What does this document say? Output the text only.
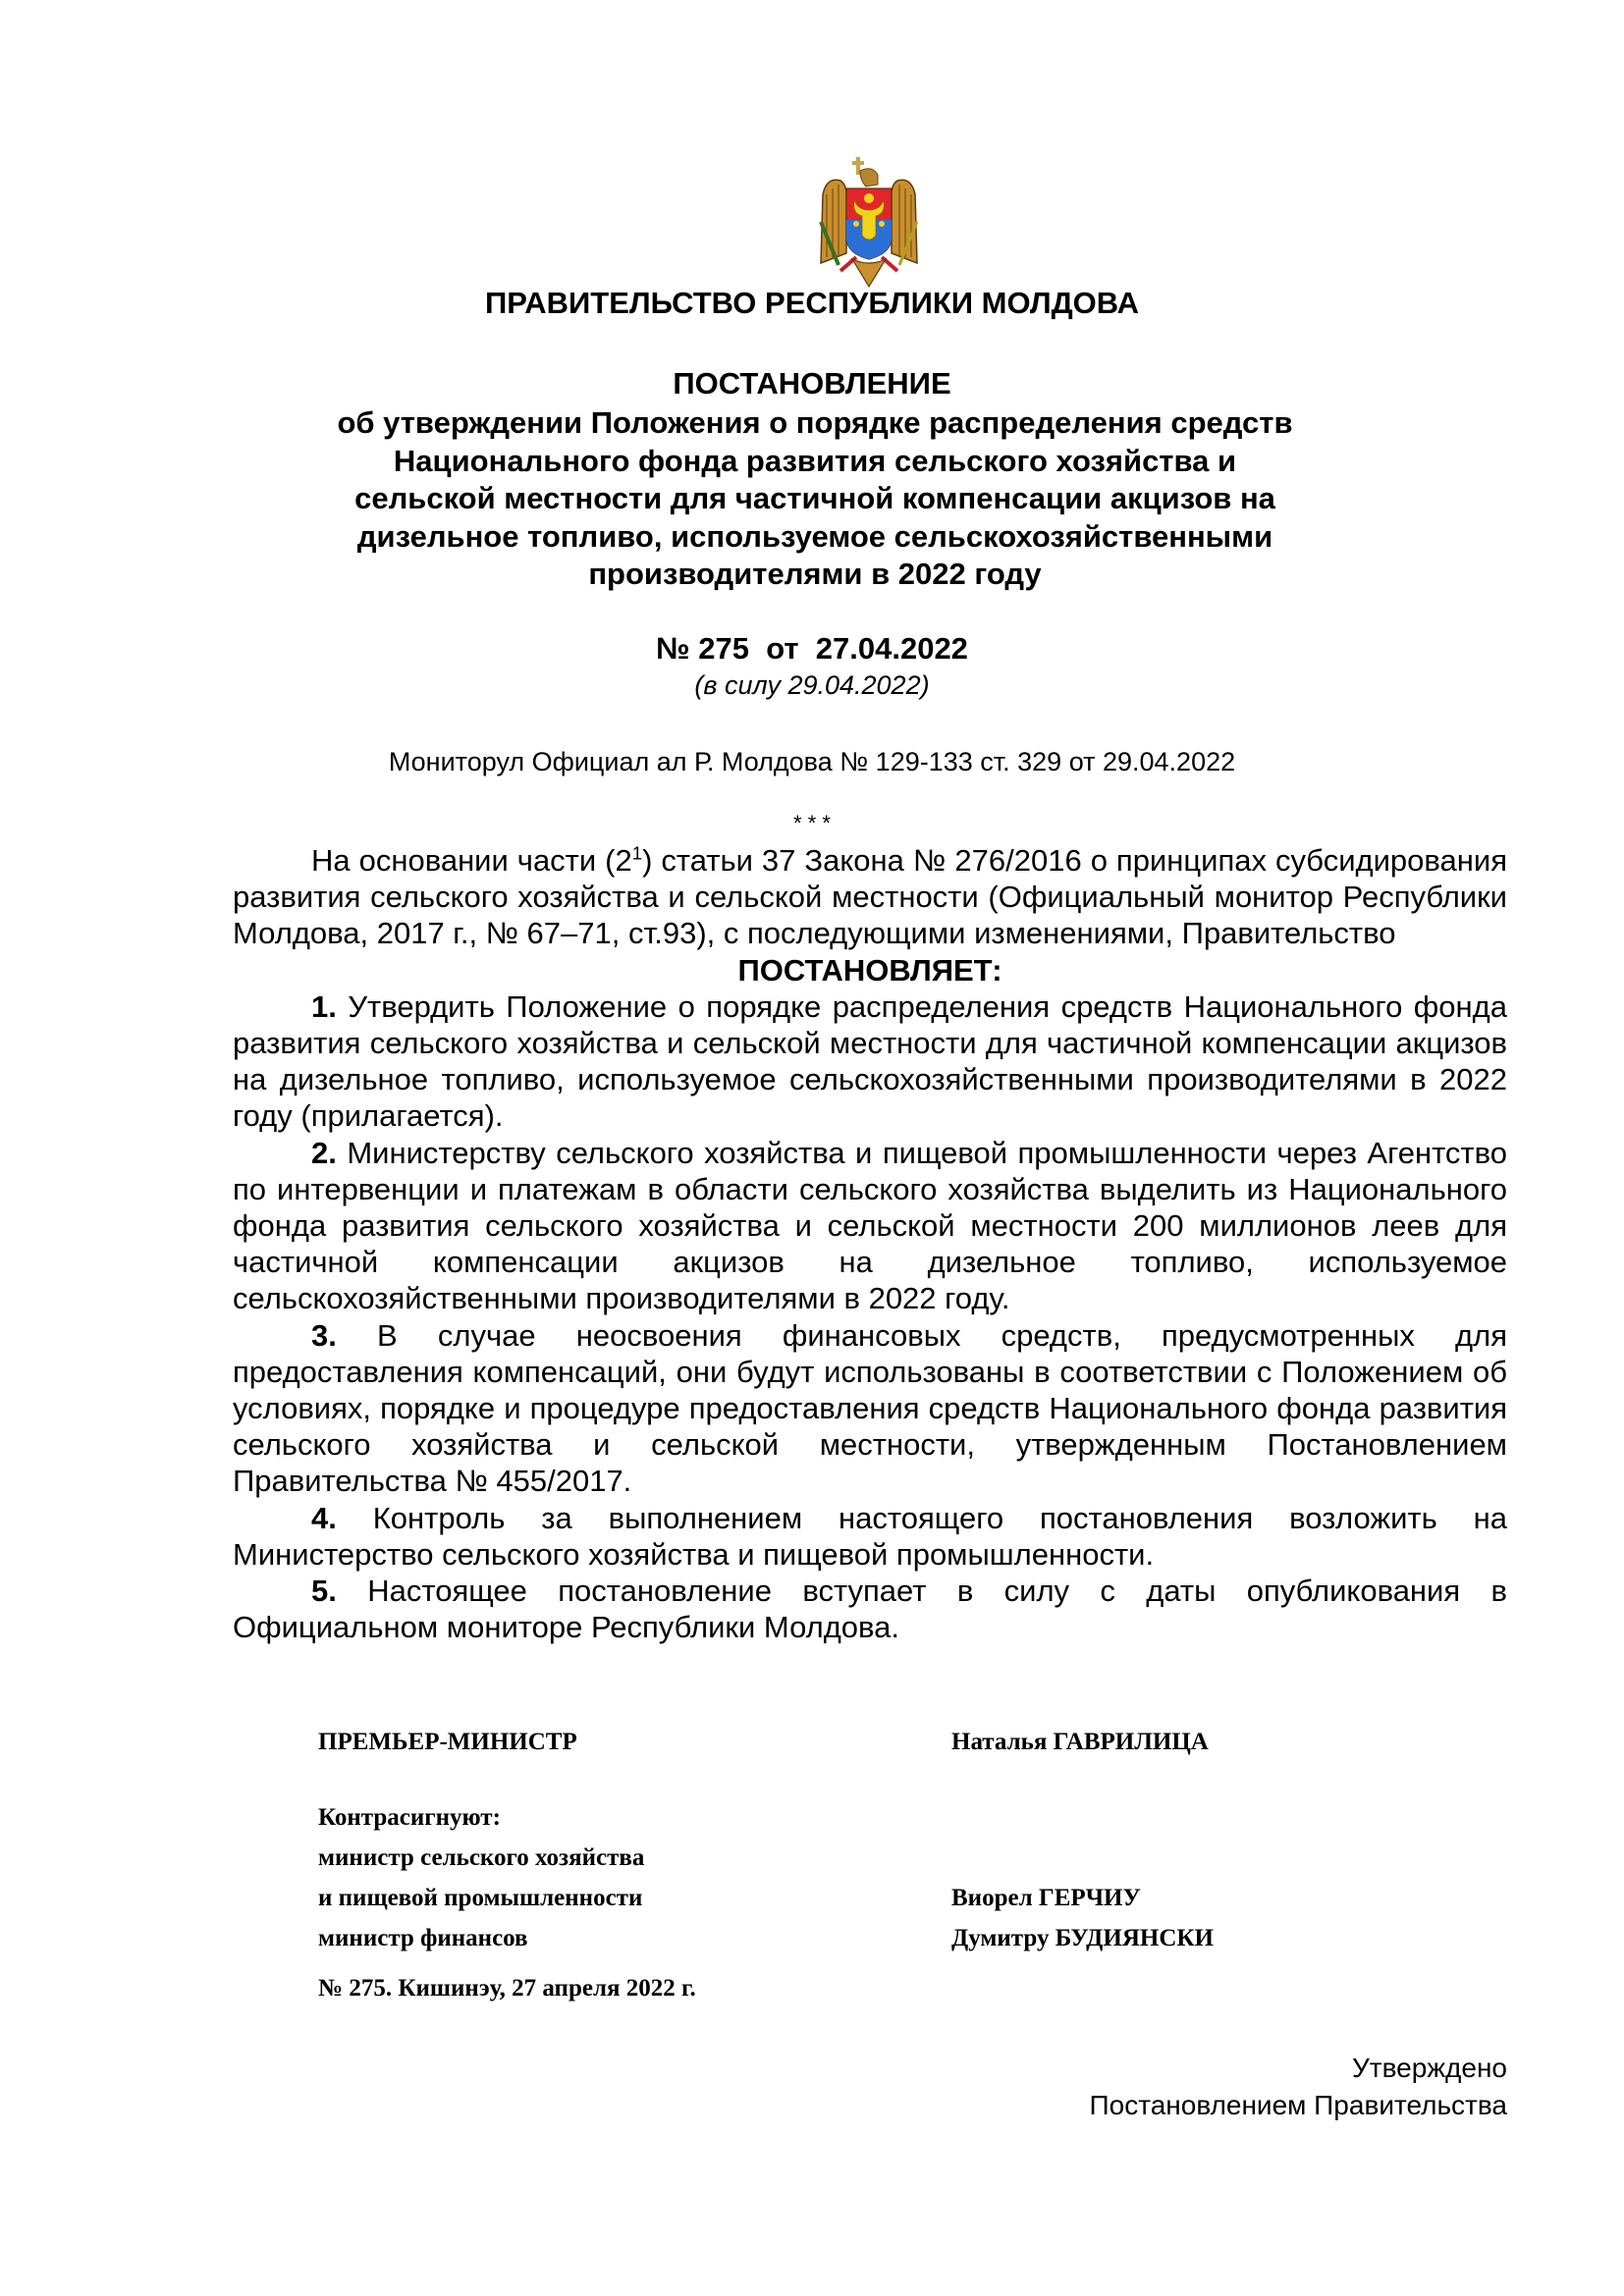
ПРАВИТЕЛЬСТВО РЕСПУБЛИКИ МОЛДОВА
ПОСТАНОВЛЕНИЕ
об утверждении Положения о порядке распределения средств Национального фонда развития сельского хозяйства и сельской местности для частичной компенсации акцизов на дизельное топливо, используемое сельскохозяйственными производителями в 2022 году
№ 275  от  27.04.2022
(в силу 29.04.2022)
Мониторул Официал ал Р. Молдова № 129-133 ст. 329 от 29.04.2022
* * *

На основании части $(2^1)$ статьи 37 Закона № 276/2016 о принципах субсидирования развития сельского хозяйства и сельской местности (Официальный монитор Республики Молдова, 2017 г., № 67–71, ст.93), с последующими изменениями, Правительство

ПОСТАНОВЛЯЕТ:

1. Утвердить Положение о порядке распределения средств Национального фонда развития сельского хозяйства и сельской местности для частичной компенсации акцизов на дизельное топливо, используемое сельскохозяйственными производителями в 2022 году (прилагается).

2. Министерству сельского хозяйства и пищевой промышленности через Агентство по интервенции и платежам в области сельского хозяйства выделить из Национального фонда развития сельского хозяйства и сельской местности 200 миллионов леев для частичной компенсации акцизов на дизельное топливо, используемое сельскохозяйственными производителями в 2022 году.

3. В случае неосвоения финансовых средств, предусмотренных для предоставления компенсаций, они будут использованы в соответствии с Положением об условиях, порядке и процедуре предоставления средств Национального фонда развития сельского хозяйства и сельской местности, утвержденным Постановлением Правительства № 455/2017.

4. Контроль за выполнением настоящего постановления возложить на Министерство сельского хозяйства и пищевой промышленности.

5. Настоящее постановление вступает в силу с даты опубликования в Официальном мониторе Республики Молдова.

ПРЕМЬЕР-МИНИСТР	Наталья ГАВРИЛИЦА
Контрасигнуют:
министр сельского хозяйства
и пищевой промышленности	Виорел ГЕРЧИУ
министр финансов	Думитру БУДИЯНСКИ
№ 275. Кишинэу, 27 апреля 2022 г.
Утверждено
Постановлением Правительства
